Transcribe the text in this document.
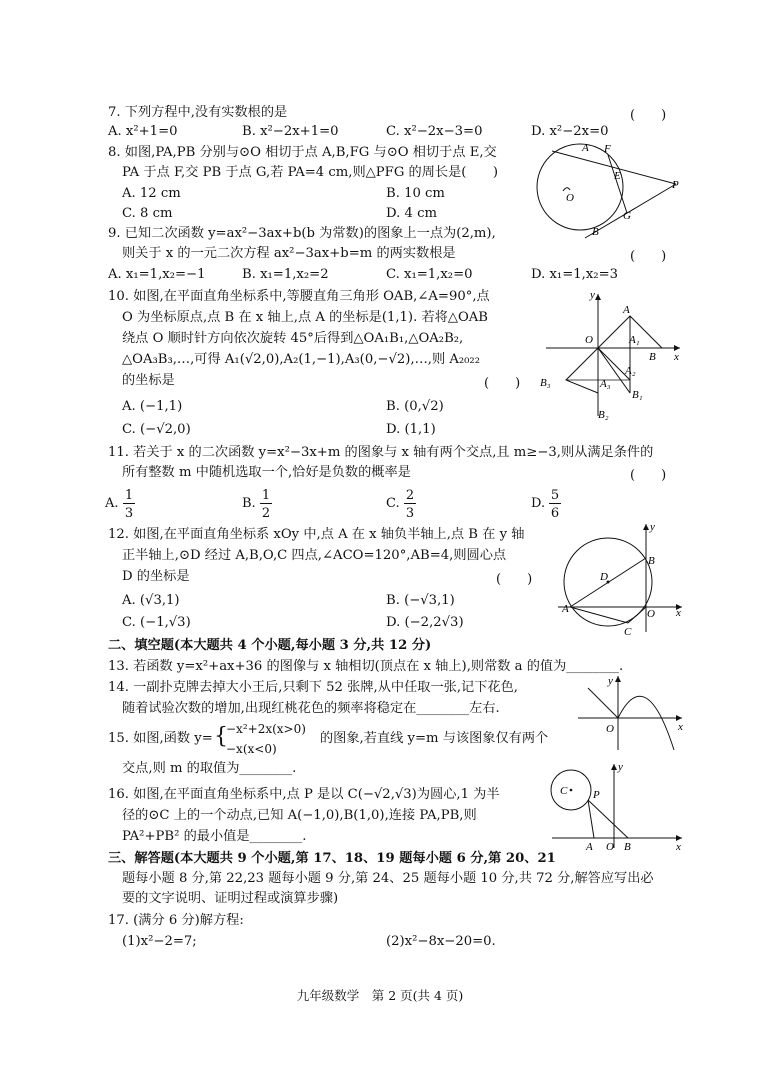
7. 下列方程中,没有实数根的是	(　　)
A. x²+1=0	B. x²−2x+1=0	C. x²−2x−3=0	D. x²−2x=0
8. 如图,PA,PB 分别与⊙O 相切于点 A,B,FG 与⊙O 相切于点 E,交
PA 于点 F,交 PB 于点 G,若 PA=4 cm,则△PFG 的周长是(　　)
A. 12 cm	B. 10 cm
C. 8 cm	D. 4 cm
A F
E
P
G
B
O
9. 已知二次函数 y=ax²−3ax+b(b 为常数)的图象上一点为(2,m),
则关于 x 的一元二次方程 ax²−3ax+b=m 的两实数根是	(　　)
A. x₁=1,x₂=−1	B. x₁=1,x₂=2	C. x₁=1,x₂=0	D. x₁=1,x₂=3
10. 如图,在平面直角坐标系中,等腰直角三角形 OAB,∠A=90°,点
O 为坐标原点,点 B 在 x 轴上,点 A 的坐标是(1,1). 若将△OAB
绕点 O 顺时针方向依次旋转 45°后得到△OA₁B₁,△OA₂B₂,
△OA₃B₃,…,可得 A₁(√2,0),A₂(1,−1),A₃(0,−√2),…,则 A₂₀₂₂
的坐标是	(　　)
A. (−1,1)	B. (0,√2)
C. (−√2,0)	D. (1,1)
y
A
O	A₁
B x
A₂
B₃	A₃
B₁
B₂
11. 若关于 x 的二次函数 y=x²−3x+m 的图象与 x 轴有两个交点,且 m≥−3,则从满足条件的
所有整数 m 中随机选取一个,恰好是负数的概率是	(　　)
A.
1
3
B.
1
2
C.
2
3
D.
5
6
12. 如图,在平面直角坐标系 xOy 中,点 A 在 x 轴负半轴上,点 B 在 y 轴
正半轴上,⊙D 经过 A,B,O,C 四点,∠ACO=120°,AB=4,则圆心点
D 的坐标是	(　　)
A. (√3,1)	B. (−√3,1)
C. (−1,√3)	D. (−2,2√3)
y
B
D
A	O
C
x
二、填空题(本大题共 4 个小题,每小题 3 分,共 12 分)
13. 若函数 y=x²+ax+36 的图像与 x 轴相切(顶点在 x 轴上),则常数 a 的值为________.
14. 一副扑克牌去掉大小王后,只剩下 52 张牌,从中任取一张,记下花色,
随着试验次数的增加,出现红桃花色的频率将稳定在________左右.
15. 如图,函数 y= {
−x²+2x(x>0)
−x(x<0)
的图象,若直线 y=m 与该图象仅有两个
交点,则 m 的取值为________.
y
O	x
16. 如图,在平面直角坐标系中,点 P 是以 C(−√2,√3)为圆心,1 为半
径的⊙C 上的一个动点,已知 A(−1,0),B(1,0),连接 PA,PB,则
PA²+PB² 的最小值是________.
y
C P
A O B	x
三、解答题(本大题共 9 个小题,第 17、18、19 题每小题 6 分,第 20、21
题每小题 8 分,第 22,23 题每小题 9 分,第 24、25 题每小题 10 分,共 72 分,解答应写出必
要的文字说明、证明过程或演算步骤)
17. (满分 6 分)解方程:
(1)x²−2=7;	(2)x²−8x−20=0.
九年级数学　第 2 页(共 4 页)
